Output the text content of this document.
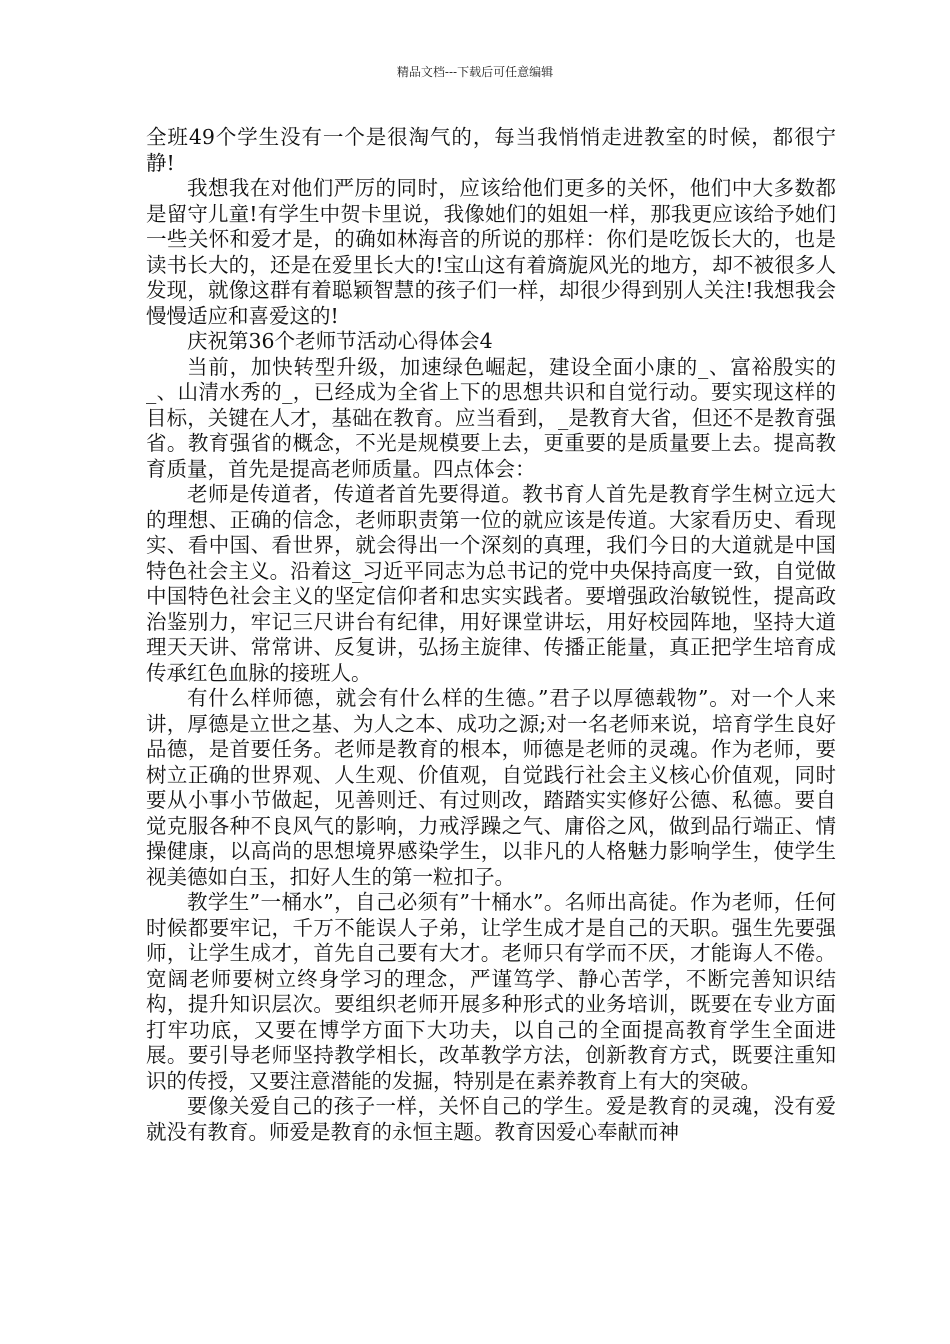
精品文档---下载后可任意编辑

全班49个学生没有一个是很淘气的，每当我悄悄走进教室的时候，都很宁静!

我想我在对他们严厉的同时，应该给他们更多的关怀，他们中大多数都是留守儿童!有学生中贺卡里说，我像她们的姐姐一样，那我更应该给予她们一些关怀和爱才是，的确如林海音的所说的那样：你们是吃饭长大的，也是读书长大的，还是在爱里长大的!宝山这有着旖旎风光的地方，却不被很多人发现，就像这群有着聪颖智慧的孩子们一样，却很少得到别人关注!我想我会慢慢适应和喜爱这的!

庆祝第36个老师节活动心得体会4

当前，加快转型升级，加速绿色崛起，建设全面小康的_、富裕殷实的_、山清水秀的_，已经成为全省上下的思想共识和自觉行动。要实现这样的目标，关键在人才，基础在教育。应当看到，_是教育大省，但还不是教育强省。教育强省的概念，不光是规模要上去，更重要的是质量要上去。提高教育质量，首先是提高老师质量。四点体会：

老师是传道者，传道者首先要得道。教书育人首先是教育学生树立远大的理想、正确的信念，老师职责第一位的就应该是传道。大家看历史、看现实、看中国、看世界，就会得出一个深刻的真理，我们今日的大道就是中国特色社会主义。沿着这_习近平同志为总书记的党中央保持高度一致，自觉做中国特色社会主义的坚定信仰者和忠实实践者。要增强政治敏锐性，提高政治鉴别力，牢记三尺讲台有纪律，用好课堂讲坛，用好校园阵地，坚持大道理天天讲、常常讲、反复讲，弘扬主旋律、传播正能量，真正把学生培育成传承红色血脉的接班人。

有什么样师德，就会有什么样的生德。”君子以厚德载物”。对一个人来讲，厚德是立世之基、为人之本、成功之源;对一名老师来说，培育学生良好品德，是首要任务。老师是教育的根本，师德是老师的灵魂。作为老师，要树立正确的世界观、人生观、价值观，自觉践行社会主义核心价值观，同时要从小事小节做起，见善则迁、有过则改，踏踏实实修好公德、私德。要自觉克服各种不良风气的影响，力戒浮躁之气、庸俗之风，做到品行端正、情操健康，以高尚的思想境界感染学生，以非凡的人格魅力影响学生，使学生视美德如白玉，扣好人生的第一粒扣子。

教学生”一桶水”，自己必须有”十桶水”。名师出高徒。作为老师，任何时候都要牢记，千万不能误人子弟，让学生成才是自己的天职。强生先要强师，让学生成才，首先自己要有大才。老师只有学而不厌，才能诲人不倦。宽阔老师要树立终身学习的理念，严谨笃学、静心苦学，不断完善知识结构，提升知识层次。要组织老师开展多种形式的业务培训，既要在专业方面打牢功底，又要在博学方面下大功夫，以自己的全面提高教育学生全面进展。要引导老师坚持教学相长，改革教学方法，创新教育方式，既要注重知识的传授，又要注意潜能的发掘，特别是在素养教育上有大的突破。

要像关爱自己的孩子一样，关怀自己的学生。爱是教育的灵魂，没有爱就没有教育。师爱是教育的永恒主题。教育因爱心奉献而神
